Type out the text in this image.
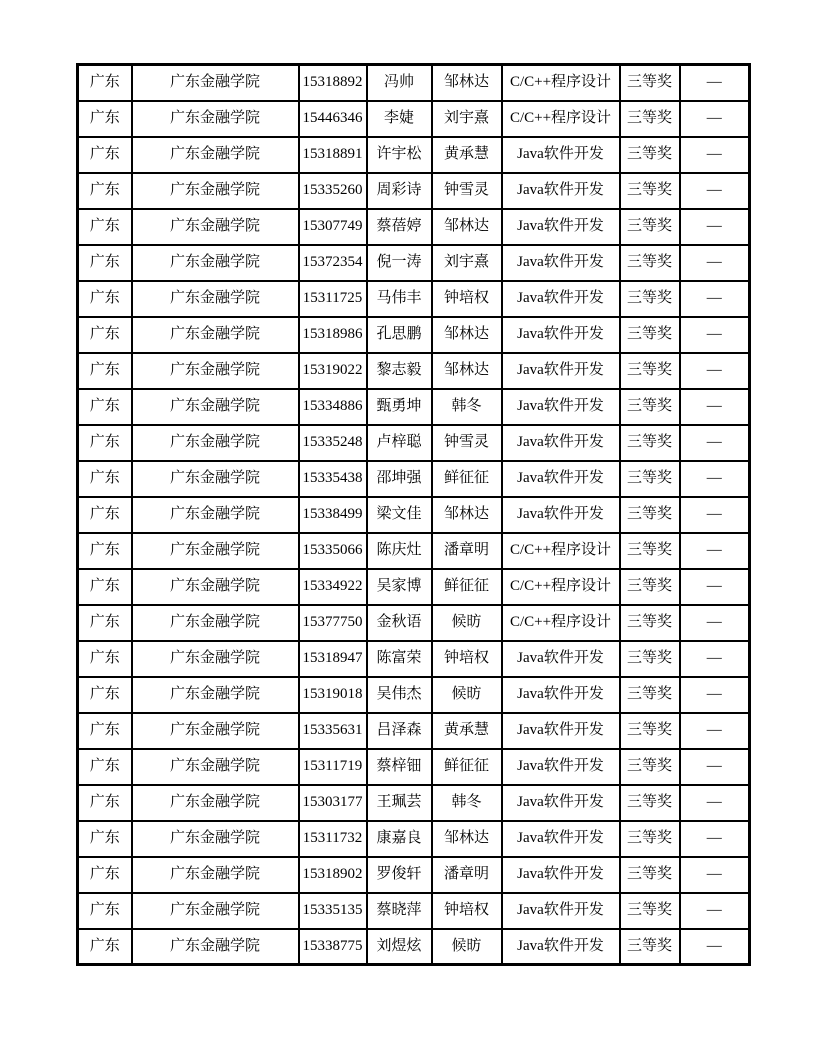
广东	广东金融学院	15318892	冯帅	邹林达	C/C++程序设计	三等奖	—
广东	广东金融学院	15446346	李婕	刘宇熹	C/C++程序设计	三等奖	—
广东	广东金融学院	15318891	许宇松	黄承慧	Java软件开发	三等奖	—
广东	广东金融学院	15335260	周彩诗	钟雪灵	Java软件开发	三等奖	—
广东	广东金融学院	15307749	蔡蓓婷	邹林达	Java软件开发	三等奖	—
广东	广东金融学院	15372354	倪一涛	刘宇熹	Java软件开发	三等奖	—
广东	广东金融学院	15311725	马伟丰	钟培权	Java软件开发	三等奖	—
广东	广东金融学院	15318986	孔思鹏	邹林达	Java软件开发	三等奖	—
广东	广东金融学院	15319022	黎志毅	邹林达	Java软件开发	三等奖	—
广东	广东金融学院	15334886	甄勇坤	韩冬	Java软件开发	三等奖	—
广东	广东金融学院	15335248	卢梓聪	钟雪灵	Java软件开发	三等奖	—
广东	广东金融学院	15335438	邵坤强	鲜征征	Java软件开发	三等奖	—
广东	广东金融学院	15338499	梁文佳	邹林达	Java软件开发	三等奖	—
广东	广东金融学院	15335066	陈庆灶	潘章明	C/C++程序设计	三等奖	—
广东	广东金融学院	15334922	吴家博	鲜征征	C/C++程序设计	三等奖	—
广东	广东金融学院	15377750	金秋语	候昉	C/C++程序设计	三等奖	—
广东	广东金融学院	15318947	陈富荣	钟培权	Java软件开发	三等奖	—
广东	广东金融学院	15319018	吴伟杰	候昉	Java软件开发	三等奖	—
广东	广东金融学院	15335631	吕泽森	黄承慧	Java软件开发	三等奖	—
广东	广东金融学院	15311719	蔡梓钿	鲜征征	Java软件开发	三等奖	—
广东	广东金融学院	15303177	王珮芸	韩冬	Java软件开发	三等奖	—
广东	广东金融学院	15311732	康嘉良	邹林达	Java软件开发	三等奖	—
广东	广东金融学院	15318902	罗俊轩	潘章明	Java软件开发	三等奖	—
广东	广东金融学院	15335135	蔡晓萍	钟培权	Java软件开发	三等奖	—
广东	广东金融学院	15338775	刘煜炫	候昉	Java软件开发	三等奖	—
